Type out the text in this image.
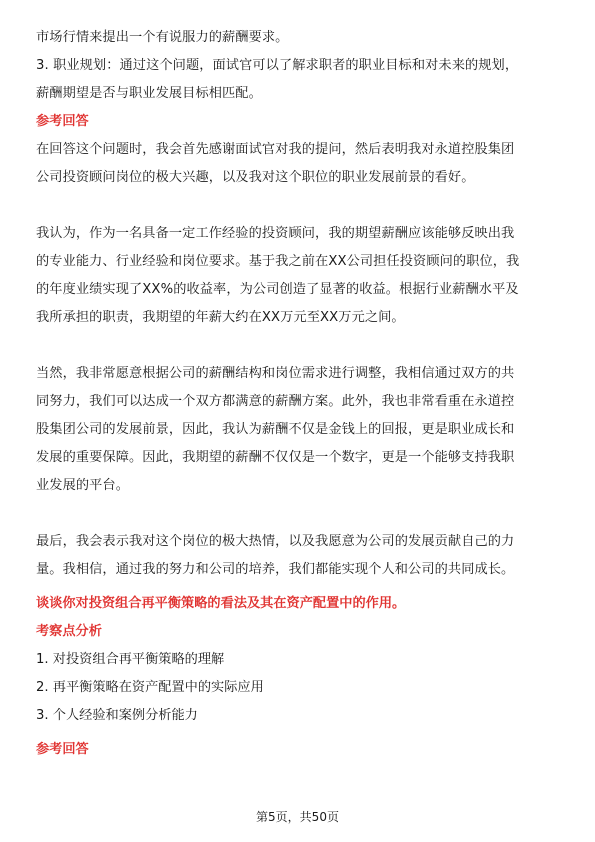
市场行情来提出一个有说服力的薪酬要求。

3. 职业规划：通过这个问题，面试官可以了解求职者的职业目标和对未来的规划，

薪酬期望是否与职业发展目标相匹配。

参考回答

在回答这个问题时，我会首先感谢面试官对我的提问，然后表明我对永道控股集团

公司投资顾问岗位的极大兴趣，以及我对这个职位的职业发展前景的看好。

我认为，作为一名具备一定工作经验的投资顾问，我的期望薪酬应该能够反映出我

的专业能力、行业经验和岗位要求。基于我之前在XX公司担任投资顾问的职位，我

的年度业绩实现了XX%的收益率，为公司创造了显著的收益。根据行业薪酬水平及

我所承担的职责，我期望的年薪大约在XX万元至XX万元之间。

当然，我非常愿意根据公司的薪酬结构和岗位需求进行调整，我相信通过双方的共

同努力，我们可以达成一个双方都满意的薪酬方案。此外，我也非常看重在永道控

股集团公司的发展前景，因此，我认为薪酬不仅是金钱上的回报，更是职业成长和

发展的重要保障。因此，我期望的薪酬不仅仅是一个数字，更是一个能够支持我职

业发展的平台。

最后，我会表示我对这个岗位的极大热情，以及我愿意为公司的发展贡献自己的力

量。我相信，通过我的努力和公司的培养，我们都能实现个人和公司的共同成长。

谈谈你对投资组合再平衡策略的看法及其在资产配置中的作用。

考察点分析

1. 对投资组合再平衡策略的理解

2. 再平衡策略在资产配置中的实际应用

3. 个人经验和案例分析能力

参考回答

第5页，共50页
